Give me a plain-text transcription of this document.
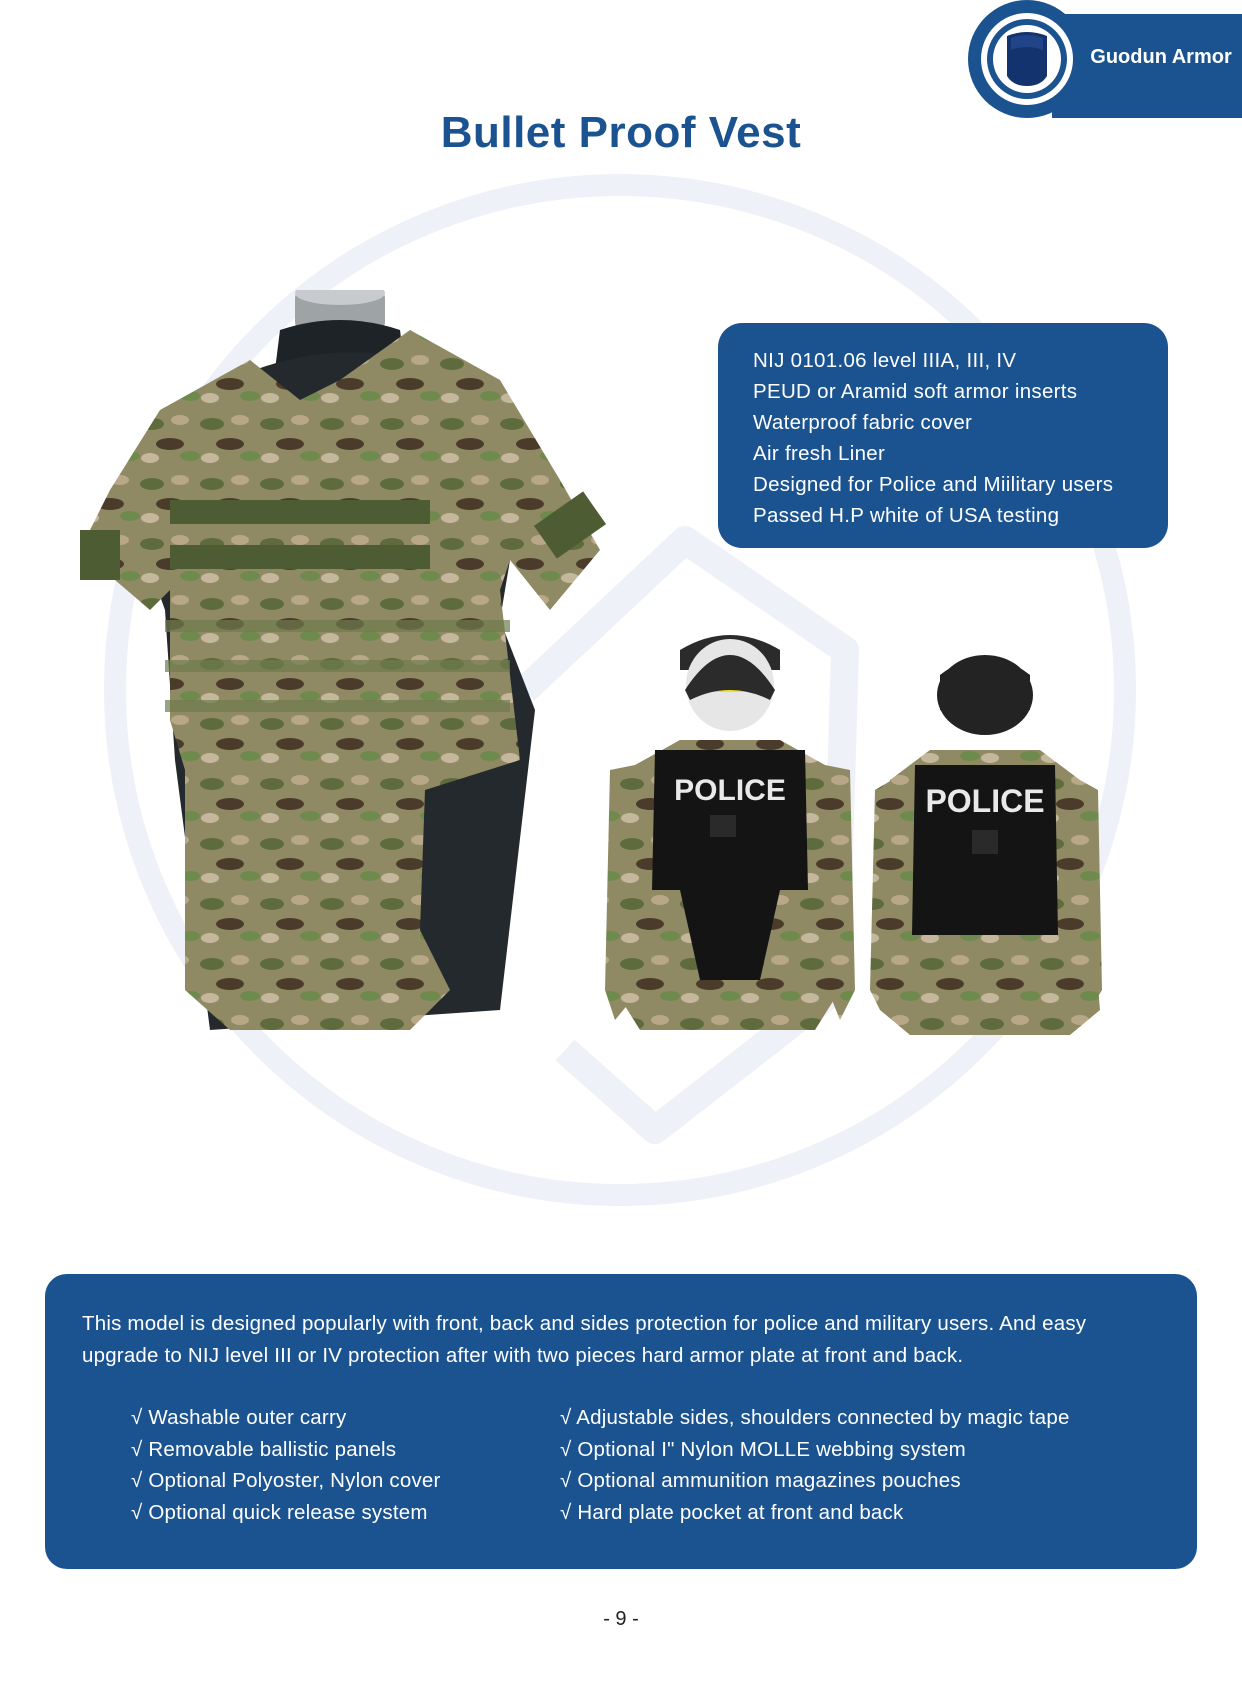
Guodun Armor
Bullet Proof Vest
POLICE	POLICE
NIJ 0101.06 level IIIA, III, IV
PEUD or Aramid soft armor inserts
Waterproof fabric cover
Air fresh Liner
Designed for Police and Miilitary users
Passed H.P white of USA testing
This model is designed popularly with front, back and sides protection for police and military users. And easy upgrade to NIJ level III or IV protection after with two pieces hard armor plate at front and back.
√ Washable outer carry
√ Removable ballistic panels
√ Optional Polyoster, Nylon cover
√ Optional quick release system
√ Adjustable sides, shoulders connected by magic tape
√ Optional I" Nylon MOLLE webbing system
√ Optional ammunition magazines pouches
√ Hard plate pocket at front and back
- 9 -
